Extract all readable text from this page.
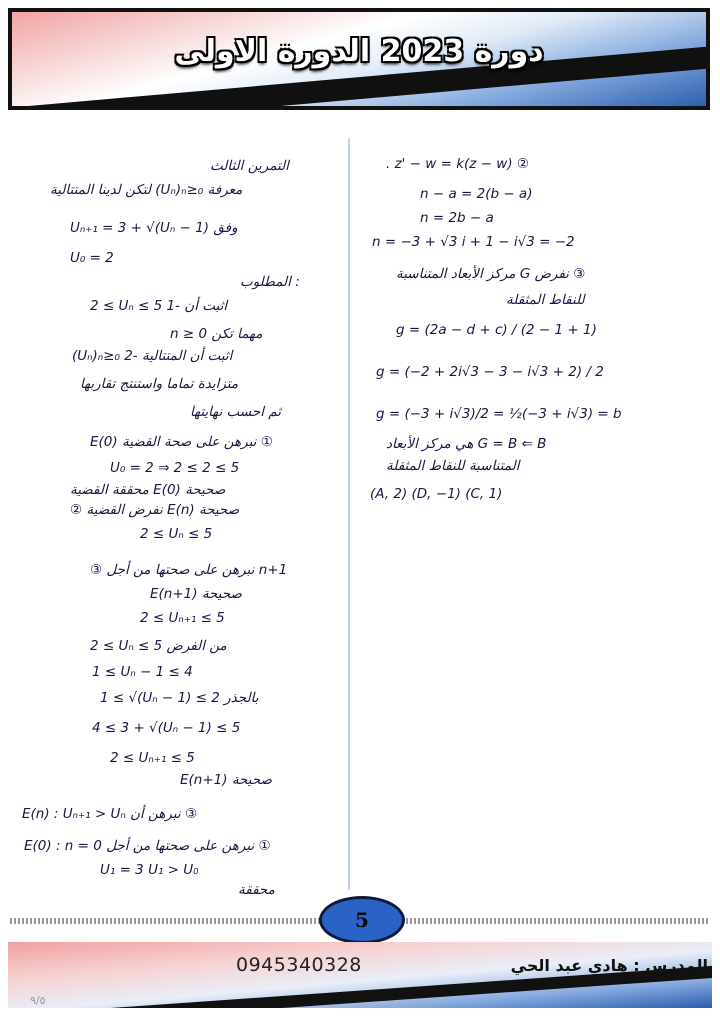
دورة 2023 الدورة الاولى
التمرين الثالث
لتكن لدينا المتتالية (Uₙ)ₙ≥₀ معرفة
Uₙ₊₁ = 3 + √(Uₙ − 1) وفق
U₀ = 2
المطلوب :
2 ≤ Uₙ ≤ 5 اثبت أن -1
n ≥ 0 مهما تكن
(Uₙ)ₙ≥₀ اثبت أن المتتالية -2
متزايدة تماما واستنتج تقاربها
ثم احسب نهايتها
E(0) نبرهن على صحة القضية ①
U₀ = 2 ⇒ 2 ≤ 2 ≤ 5
محققة القضية E(0) صحيحة
② نفرض القضية E(n) صحيحة
2 ≤ Uₙ ≤ 5
③ نبرهن على صحتها من أجل n+1
E(n+1) صحيحة
2 ≤ Uₙ₊₁ ≤ 5
2 ≤ Uₙ ≤ 5 من الفرض
1 ≤ Uₙ − 1 ≤ 4
1 ≤ √(Uₙ − 1) ≤ 2 بالجذر
4 ≤ 3 + √(Uₙ − 1) ≤ 5
2 ≤ Uₙ₊₁ ≤ 5
E(n+1) صحيحة
E(n) : Uₙ₊₁ > Uₙ نبرهن أن ③
E(0) : n = 0 نبرهن على صحتها من أجل ①
U₁ = 3 U₁ > U₀
محققة
② z' − w = k(z − w) .
n − a = 2(b − a)
n = 2b − a
n = −3 + √3 i + 1 − i√3 = −2
③ نفرض G مركز الأبعاد المتناسبة
للنقاط المثقلة
g = (2a − d + c) / (2 − 1 + 1)
g = (−2 + 2i√3 − 3 − i√3 + 2) / 2
g = (−3 + i√3)/2 = ½(−3 + i√3) = b
G = B ⇐ B هي مركز الأبعاد
المتناسبة للنقاط المثقلة
(C, 1) (D, −1) (A, 2)
5
0945340328	المدرس : هادي عبد الحي
٩/٥
